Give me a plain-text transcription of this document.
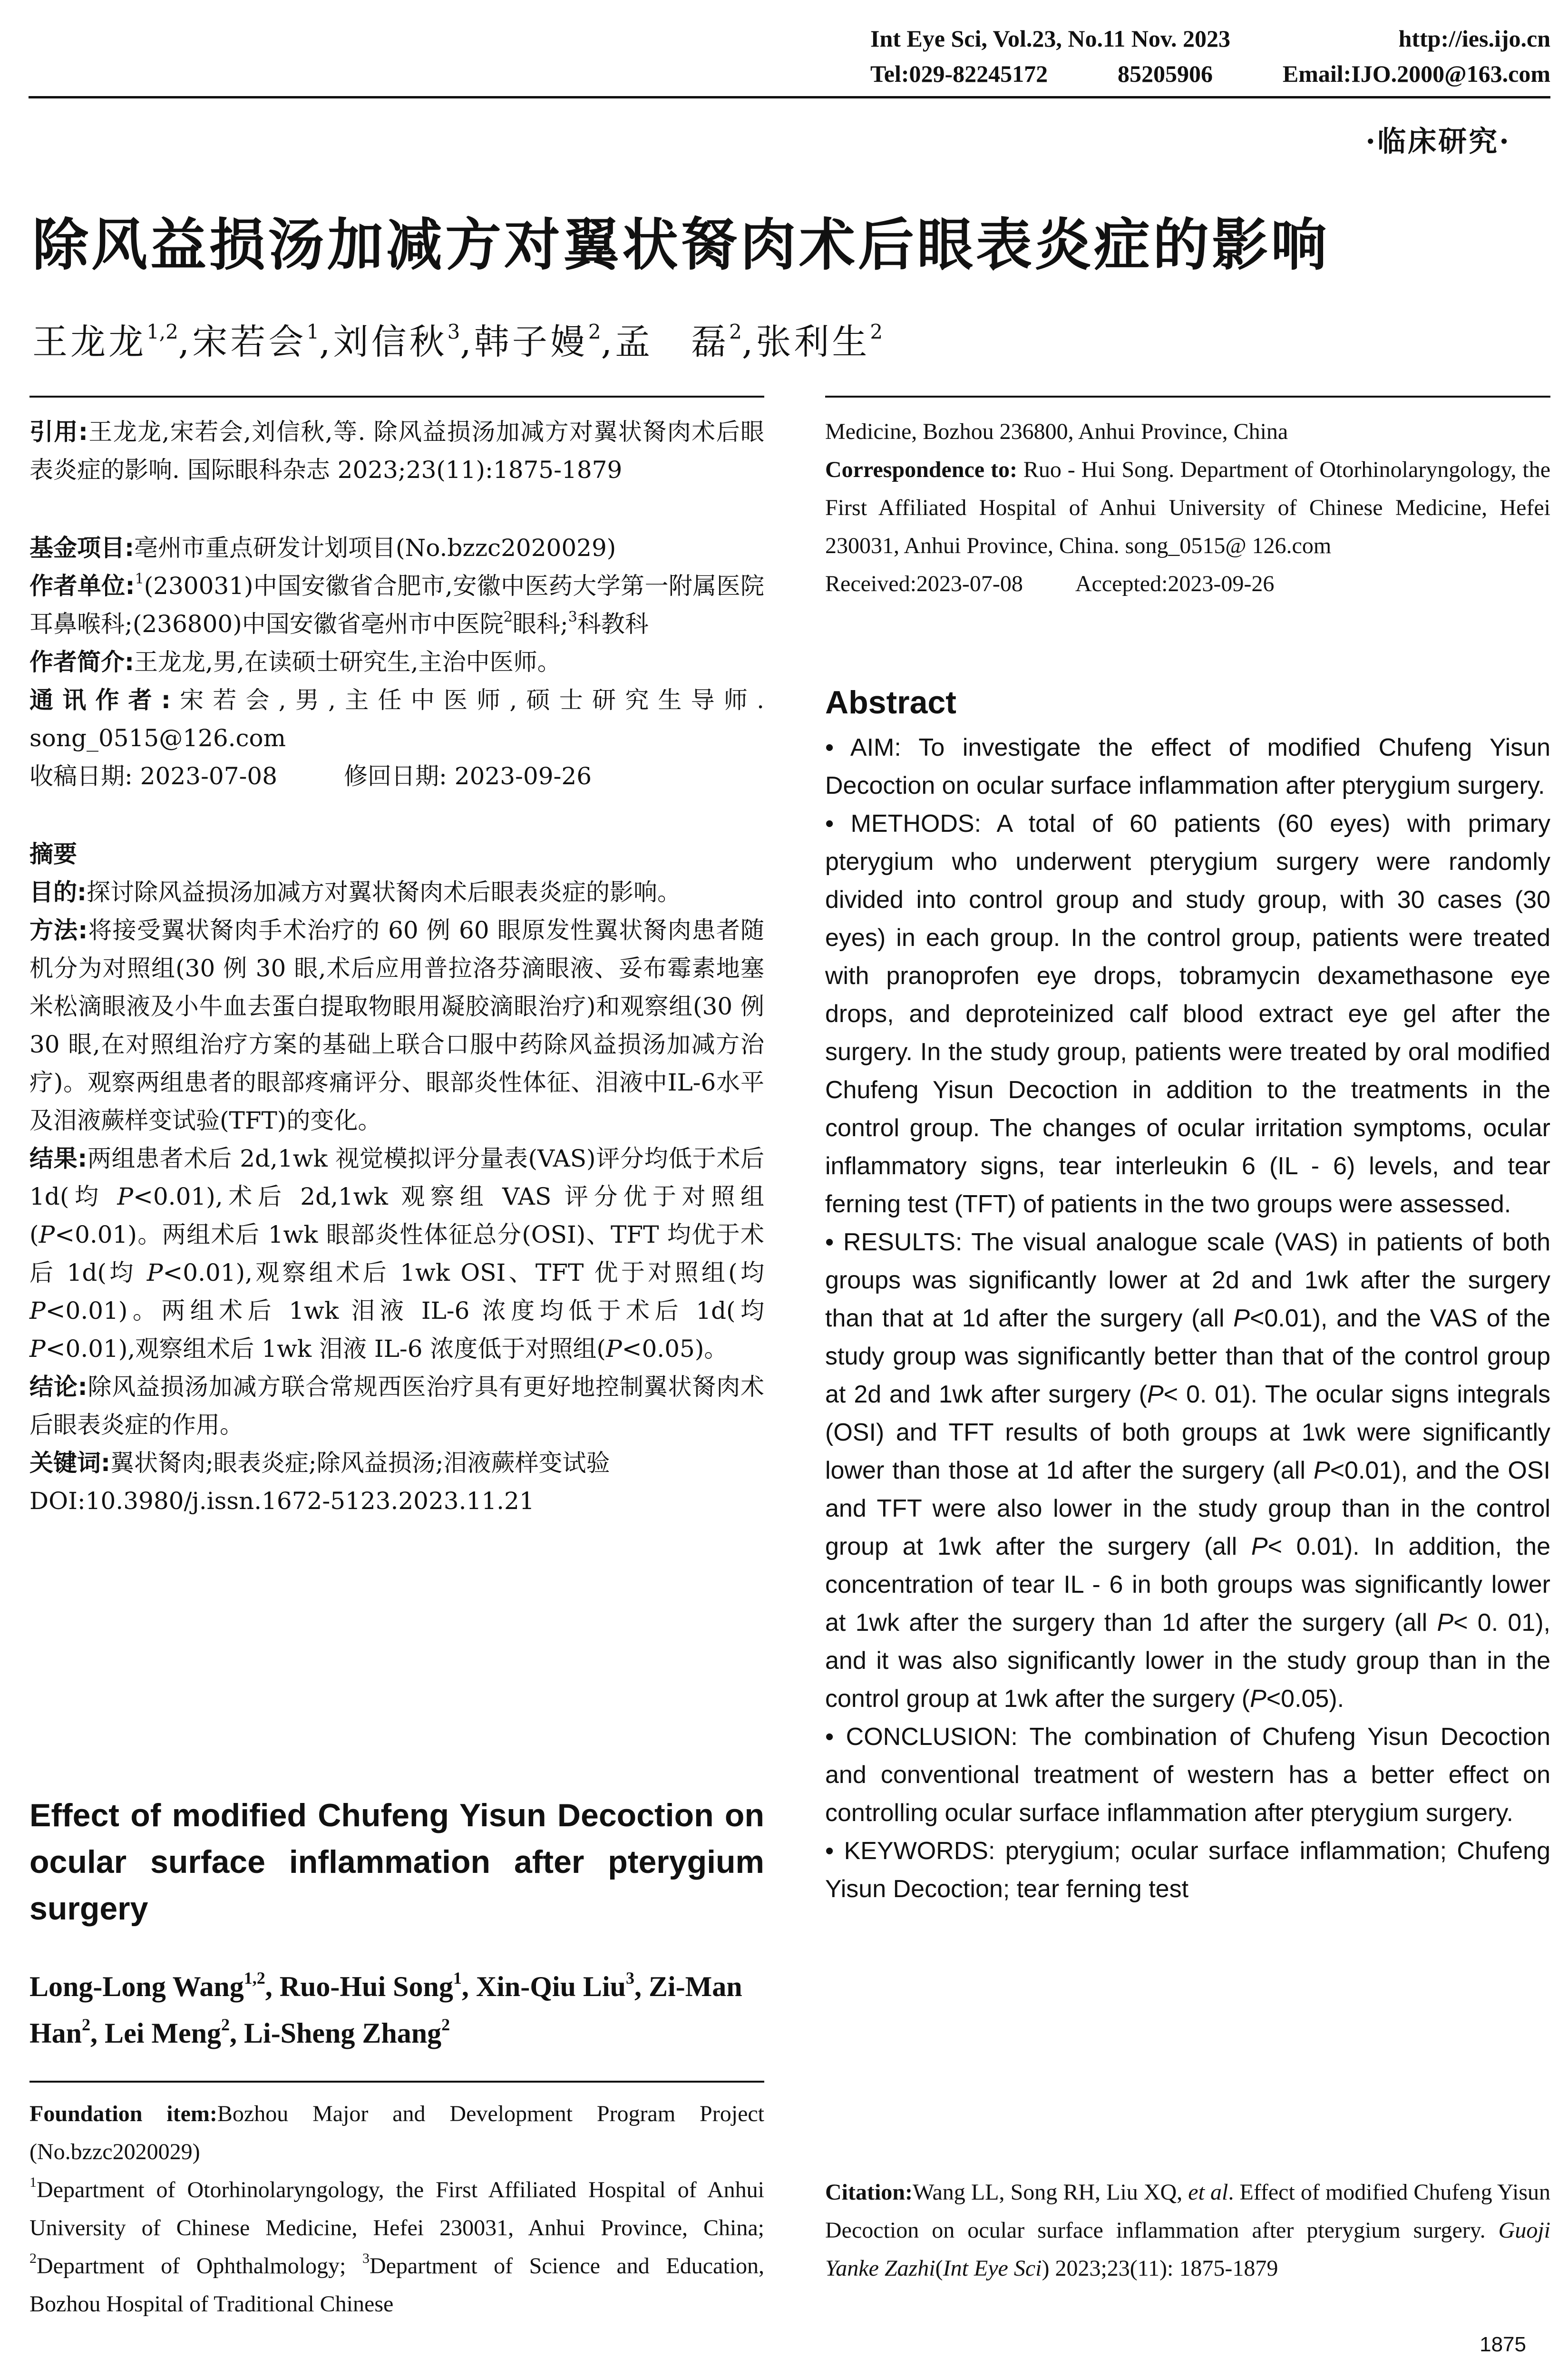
Int Eye Sci, Vol.23, No.11 Nov. 2023	http://ies.ijo.cn
Tel:029-82245172	85205906	Email:IJO.2000@163.com
·临床研究·
除风益损汤加减方对翼状胬肉术后眼表炎症的影响
王龙龙$^{1,2}$,宋若会$^1$,刘信秋$^3$,韩子嫚$^2$,孟　磊$^2$,张利生$^2$

引用:王龙龙,宋若会,刘信秋,等. 除风益损汤加减方对翼状胬肉术后眼表炎症的影响. 国际眼科杂志 2023;23(11):1875-1879

基金项目:亳州市重点研发计划项目(No.bzzc2020029)

作者单位:$^1$(230031)中国安徽省合肥市,安徽中医药大学第一附属医院耳鼻喉科;(236800)中国安徽省亳州市中医院$^2$眼科;$^3$科教科

作者简介:王龙龙,男,在读硕士研究生,主治中医师。

通讯作者:宋若会,男,主任中医师,硕士研究生导师. song_0515@126.com

收稿日期: 2023-07-08	修回日期: 2023-09-26

摘要

目的:探讨除风益损汤加减方对翼状胬肉术后眼表炎症的影响。

方法:将接受翼状胬肉手术治疗的 60 例 60 眼原发性翼状胬肉患者随机分为对照组(30 例 30 眼,术后应用普拉洛芬滴眼液、妥布霉素地塞米松滴眼液及小牛血去蛋白提取物眼用凝胶滴眼治疗)和观察组(30 例 30 眼,在对照组治疗方案的基础上联合口服中药除风益损汤加减方治疗)。观察两组患者的眼部疼痛评分、眼部炎性体征、泪液中IL-6水平及泪液蕨样变试验(TFT)的变化。

结果:两组患者术后 2d,1wk 视觉模拟评分量表(VAS)评分均低于术后 1d(均 P<0.01),术后 2d,1wk 观察组 VAS 评分优于对照组(P<0.01)。两组术后 1wk 眼部炎性体征总分(OSI)、TFT 均优于术后 1d(均 P<0.01),观察组术后 1wk OSI、TFT 优于对照组(均 P<0.01)。两组术后 1wk 泪液 IL-6 浓度均低于术后 1d(均 P<0.01),观察组术后 1wk 泪液 IL-6 浓度低于对照组(P<0.05)。

结论:除风益损汤加减方联合常规西医治疗具有更好地控制翼状胬肉术后眼表炎症的作用。

关键词:翼状胬肉;眼表炎症;除风益损汤;泪液蕨样变试验

DOI:10.3980/j.issn.1672-5123.2023.11.21

Effect of modified Chufeng Yisun Decoction on ocular surface inflammation after pterygium surgery
Long-Long Wang$^{1,2}$, Ruo-Hui Song$^1$, Xin-Qiu Liu$^3$, Zi-Man Han$^2$, Lei Meng$^2$, Li-Sheng Zhang$^2$

Foundation item:Bozhou Major and Development Program Project (No.bzzc2020029)

$^1$Department of Otorhinolaryngology, the First Affiliated Hospital of Anhui University of Chinese Medicine, Hefei 230031, Anhui Province, China; $^2$Department of Ophthalmology; $^3$Department of Science and Education, Bozhou Hospital of Traditional Chinese

Medicine, Bozhou 236800, Anhui Province, China

Correspondence to: Ruo - Hui Song. Department of Otorhinolaryngology, the First Affiliated Hospital of Anhui University of Chinese Medicine, Hefei 230031, Anhui Province, China. song_0515@ 126.com

Received:2023-07-08 Accepted:2023-09-26

Abstract

• AIM: To investigate the effect of modified Chufeng Yisun Decoction on ocular surface inflammation after pterygium surgery.

• METHODS: A total of 60 patients (60 eyes) with primary pterygium who underwent pterygium surgery were randomly divided into control group and study group, with 30 cases (30 eyes) in each group. In the control group, patients were treated with pranoprofen eye drops, tobramycin dexamethasone eye drops, and deproteinized calf blood extract eye gel after the surgery. In the study group, patients were treated by oral modified Chufeng Yisun Decoction in addition to the treatments in the control group. The changes of ocular irritation symptoms, ocular inflammatory signs, tear interleukin 6 (IL - 6) levels, and tear ferning test (TFT) of patients in the two groups were assessed.

• RESULTS: The visual analogue scale (VAS) in patients of both groups was significantly lower at 2d and 1wk after the surgery than that at 1d after the surgery (all P<0.01), and the VAS of the study group was significantly better than that of the control group at 2d and 1wk after surgery (P< 0. 01). The ocular signs integrals (OSI) and TFT results of both groups at 1wk were significantly lower than those at 1d after the surgery (all P<0.01), and the OSI and TFT were also lower in the study group than in the control group at 1wk after the surgery (all P< 0.01). In addition, the concentration of tear IL - 6 in both groups was significantly lower at 1wk after the surgery than 1d after the surgery (all P< 0. 01), and it was also significantly lower in the study group than in the control group at 1wk after the surgery (P<0.05).

• CONCLUSION: The combination of Chufeng Yisun Decoction and conventional treatment of western has a better effect on controlling ocular surface inflammation after pterygium surgery.

• KEYWORDS: pterygium; ocular surface inflammation; Chufeng Yisun Decoction; tear ferning test

Citation:Wang LL, Song RH, Liu XQ, et al. Effect of modified Chufeng Yisun Decoction on ocular surface inflammation after pterygium surgery. Guoji Yanke Zazhi(Int Eye Sci) 2023;23(11): 1875-1879

1875
